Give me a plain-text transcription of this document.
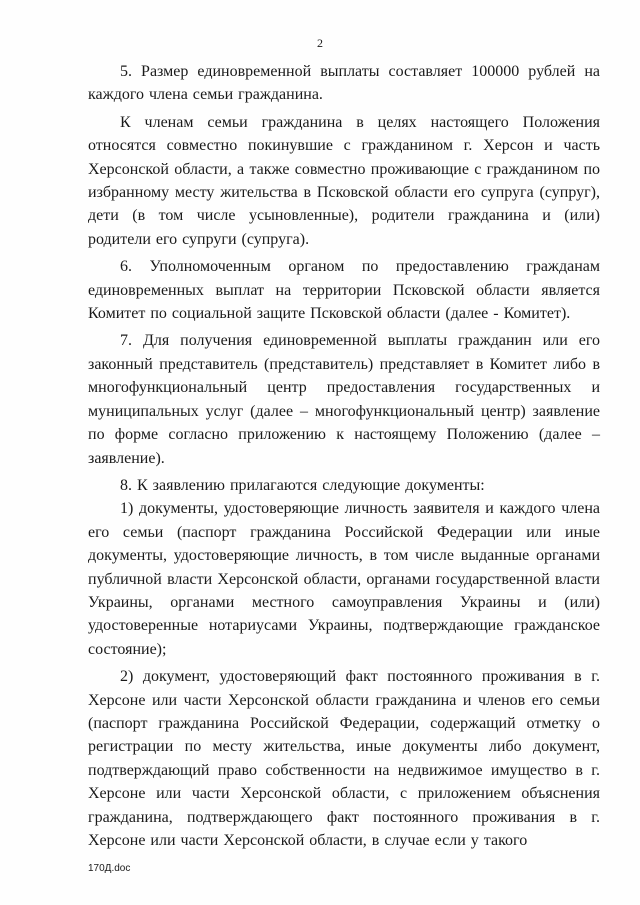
2

5. Размер единовременной выплаты составляет 100000 рублей на каждого члена семьи гражданина.

К членам семьи гражданина в целях настоящего Положения относятся совместно покинувшие с гражданином г. Херсон и часть Херсонской области, а также совместно проживающие с гражданином по избранному месту жительства в Псковской области его супруга (супруг), дети (в том числе усыновленные), родители гражданина и (или) родители его супруги (супруга).

6. Уполномоченным органом по предоставлению гражданам единовременных выплат на территории Псковской области является Комитет по социальной защите Псковской области (далее - Комитет).

7. Для получения единовременной выплаты гражданин или его законный представитель (представитель) представляет в Комитет либо в многофункциональный центр предоставления государственных и муниципальных услуг (далее – многофункциональный центр) заявление по форме согласно приложению к настоящему Положению (далее – заявление).

8. К заявлению прилагаются следующие документы:

1) документы, удостоверяющие личность заявителя и каждого члена его семьи (паспорт гражданина Российской Федерации или иные документы, удостоверяющие личность, в том числе выданные органами публичной власти Херсонской области, органами государственной власти Украины, органами местного самоуправления Украины и (или) удостоверенные нотариусами Украины, подтверждающие гражданское состояние);

2) документ, удостоверяющий факт постоянного проживания в г. Херсоне или части Херсонской области гражданина и членов его семьи (паспорт гражданина Российской Федерации, содержащий отметку о регистрации по месту жительства, иные документы либо документ, подтверждающий право собственности на недвижимое имущество в г. Херсоне или части Херсонской области, с приложением объяснения гражданина, подтверждающего факт постоянного проживания в г. Херсоне или части Херсонской области, в случае если у такого

170Д.doc
